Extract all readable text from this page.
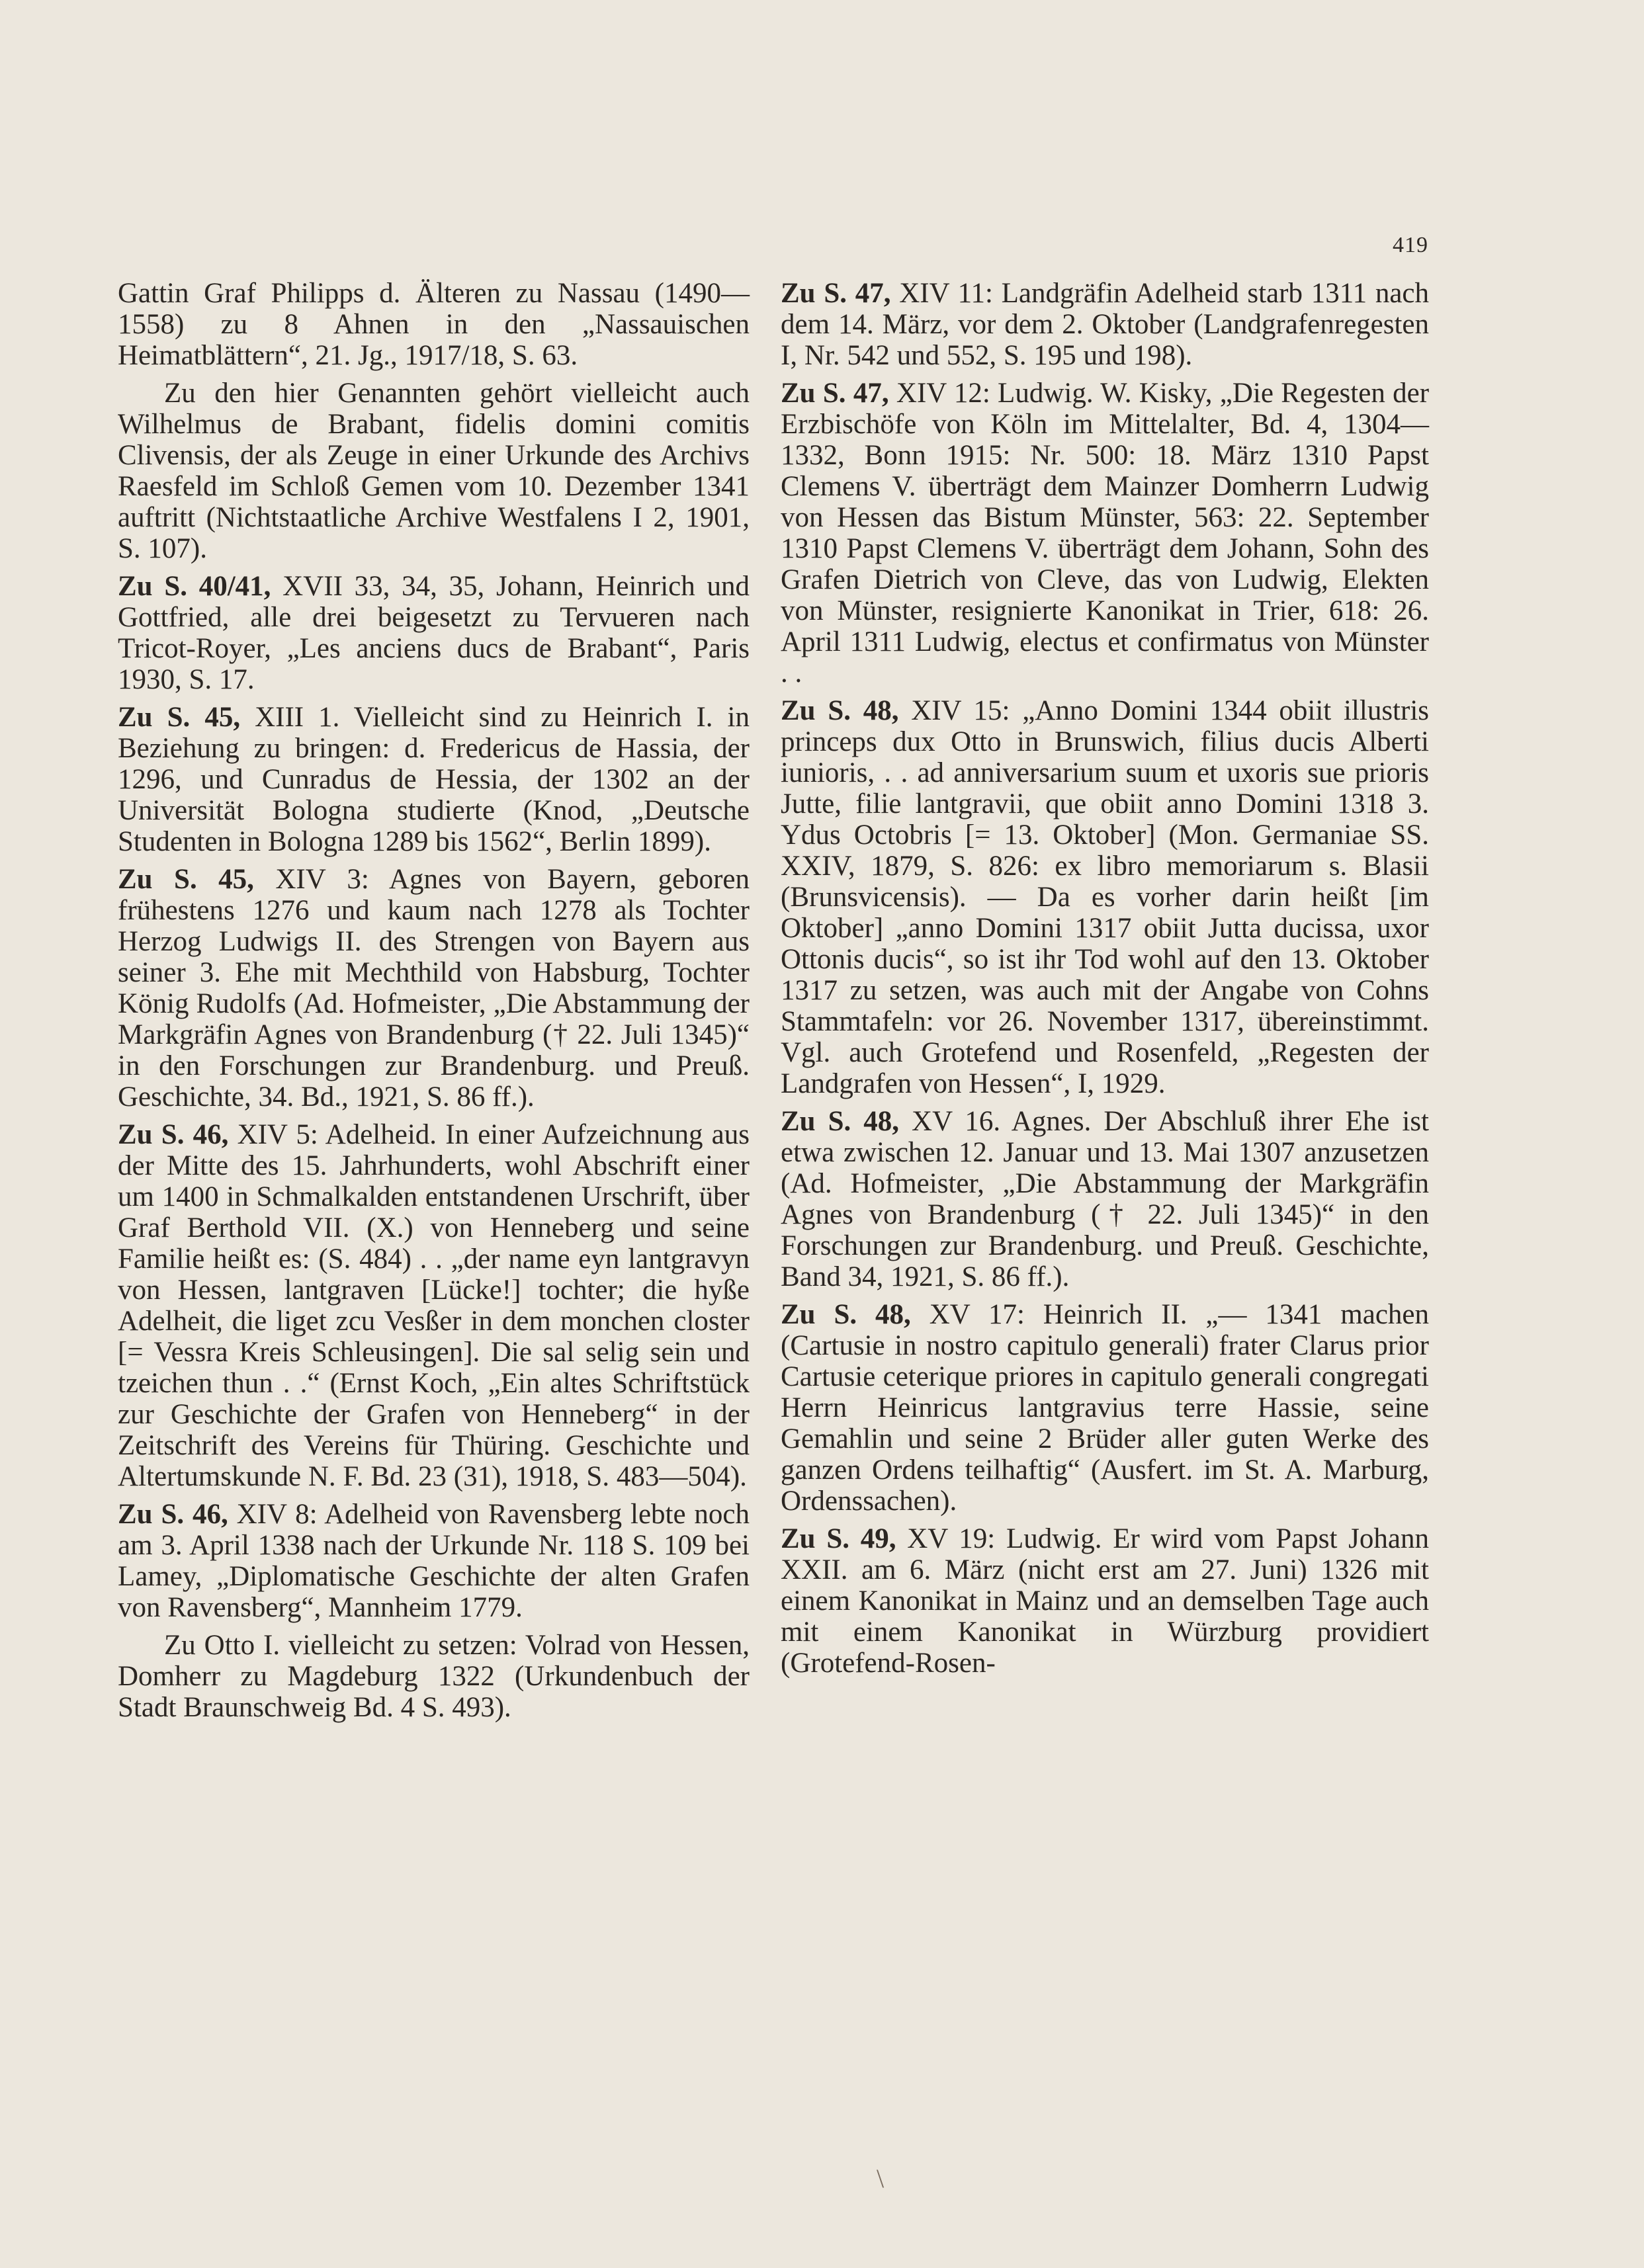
419

Gattin Graf Philipps d. Älteren zu Nassau (1490—1558) zu 8 Ahnen in den „Nassauischen Heimatblättern“, 21. Jg., 1917/18, S. 63.

Zu den hier Genannten gehört vielleicht auch Wilhelmus de Brabant, fidelis domini comitis Clivensis, der als Zeuge in einer Urkunde des Archivs Raesfeld im Schloß Gemen vom 10. Dezember 1341 auftritt (Nichtstaatliche Archive Westfalens I 2, 1901, S. 107).

Zu S. 40/41, XVII 33, 34, 35, Johann, Heinrich und Gottfried, alle drei beigesetzt zu Tervueren nach Tricot-Royer, „Les anciens ducs de Brabant“, Paris 1930, S. 17.

Zu S. 45, XIII 1. Vielleicht sind zu Heinrich I. in Beziehung zu bringen: d. Fredericus de Hassia, der 1296, und Cunradus de Hessia, der 1302 an der Universität Bologna studierte (Knod, „Deutsche Studenten in Bologna 1289 bis 1562“, Berlin 1899).

Zu S. 45, XIV 3: Agnes von Bayern, geboren frühestens 1276 und kaum nach 1278 als Tochter Herzog Ludwigs II. des Strengen von Bayern aus seiner 3. Ehe mit Mechthild von Habsburg, Tochter König Rudolfs (Ad. Hofmeister, „Die Abstammung der Markgräfin Agnes von Brandenburg († 22. Juli 1345)“ in den Forschungen zur Brandenburg. und Preuß. Geschichte, 34. Bd., 1921, S. 86 ff.).

Zu S. 46, XIV 5: Adelheid. In einer Aufzeichnung aus der Mitte des 15. Jahrhunderts, wohl Abschrift einer um 1400 in Schmalkalden entstandenen Urschrift, über Graf Berthold VII. (X.) von Henneberg und seine Familie heißt es: (S. 484) . . „der name eyn lantgravyn von Hessen, lantgraven [Lücke!] tochter; die hyße Adelheit, die liget zcu Vesßer in dem monchen closter [= Vessra Kreis Schleusingen]. Die sal selig sein und tzeichen thun . .“ (Ernst Koch, „Ein altes Schriftstück zur Geschichte der Grafen von Henneberg“ in der Zeitschrift des Vereins für Thüring. Geschichte und Altertumskunde N. F. Bd. 23 (31), 1918, S. 483—504).

Zu S. 46, XIV 8: Adelheid von Ravensberg lebte noch am 3. April 1338 nach der Urkunde Nr. 118 S. 109 bei Lamey, „Diplomatische Geschichte der alten Grafen von Ravensberg“, Mannheim 1779.

Zu Otto I. vielleicht zu setzen: Volrad von Hessen, Domherr zu Magdeburg 1322 (Urkundenbuch der Stadt Braunschweig Bd. 4 S. 493).

Zu S. 47, XIV 11: Landgräfin Adelheid starb 1311 nach dem 14. März, vor dem 2. Oktober (Landgrafenregesten I, Nr. 542 und 552, S. 195 und 198).

Zu S. 47, XIV 12: Ludwig. W. Kisky, „Die Regesten der Erzbischöfe von Köln im Mittelalter, Bd. 4, 1304—1332, Bonn 1915: Nr. 500: 18. März 1310 Papst Clemens V. überträgt dem Mainzer Domherrn Ludwig von Hessen das Bistum Münster, 563: 22. September 1310 Papst Clemens V. überträgt dem Johann, Sohn des Grafen Dietrich von Cleve, das von Ludwig, Elekten von Münster, resignierte Kanonikat in Trier, 618: 26. April 1311 Ludwig, electus et confirmatus von Münster . .

Zu S. 48, XIV 15: „Anno Domini 1344 obiit illustris princeps dux Otto in Brunswich, filius ducis Alberti iunioris, . . ad anniversarium suum et uxoris sue prioris Jutte, filie lantgravii, que obiit anno Domini 1318 3. Ydus Octobris [= 13. Oktober] (Mon. Germaniae SS. XXIV, 1879, S. 826: ex libro memoriarum s. Blasii (Brunsvicensis). — Da es vorher darin heißt [im Oktober] „anno Domini 1317 obiit Jutta ducissa, uxor Ottonis ducis“, so ist ihr Tod wohl auf den 13. Oktober 1317 zu setzen, was auch mit der Angabe von Cohns Stammtafeln: vor 26. November 1317, übereinstimmt. Vgl. auch Grotefend und Rosenfeld, „Regesten der Landgrafen von Hessen“, I, 1929.

Zu S. 48, XV 16. Agnes. Der Abschluß ihrer Ehe ist etwa zwischen 12. Januar und 13. Mai 1307 anzusetzen (Ad. Hofmeister, „Die Abstammung der Markgräfin Agnes von Brandenburg († 22. Juli 1345)“ in den Forschungen zur Brandenburg. und Preuß. Geschichte, Band 34, 1921, S. 86 ff.).

Zu S. 48, XV 17: Heinrich II. „— 1341 machen (Cartusie in nostro capitulo generali) frater Clarus prior Cartusie ceterique priores in capitulo generali congregati Herrn Heinricus lantgravius terre Hassie, seine Gemahlin und seine 2 Brüder aller guten Werke des ganzen Ordens teilhaftig“ (Ausfert. im St. A. Marburg, Ordenssachen).

Zu S. 49, XV 19: Ludwig. Er wird vom Papst Johann XXII. am 6. März (nicht erst am 27. Juni) 1326 mit einem Kanonikat in Mainz und an demselben Tage auch mit einem Kanonikat in Würzburg providiert (Grotefend-Rosen-

\
